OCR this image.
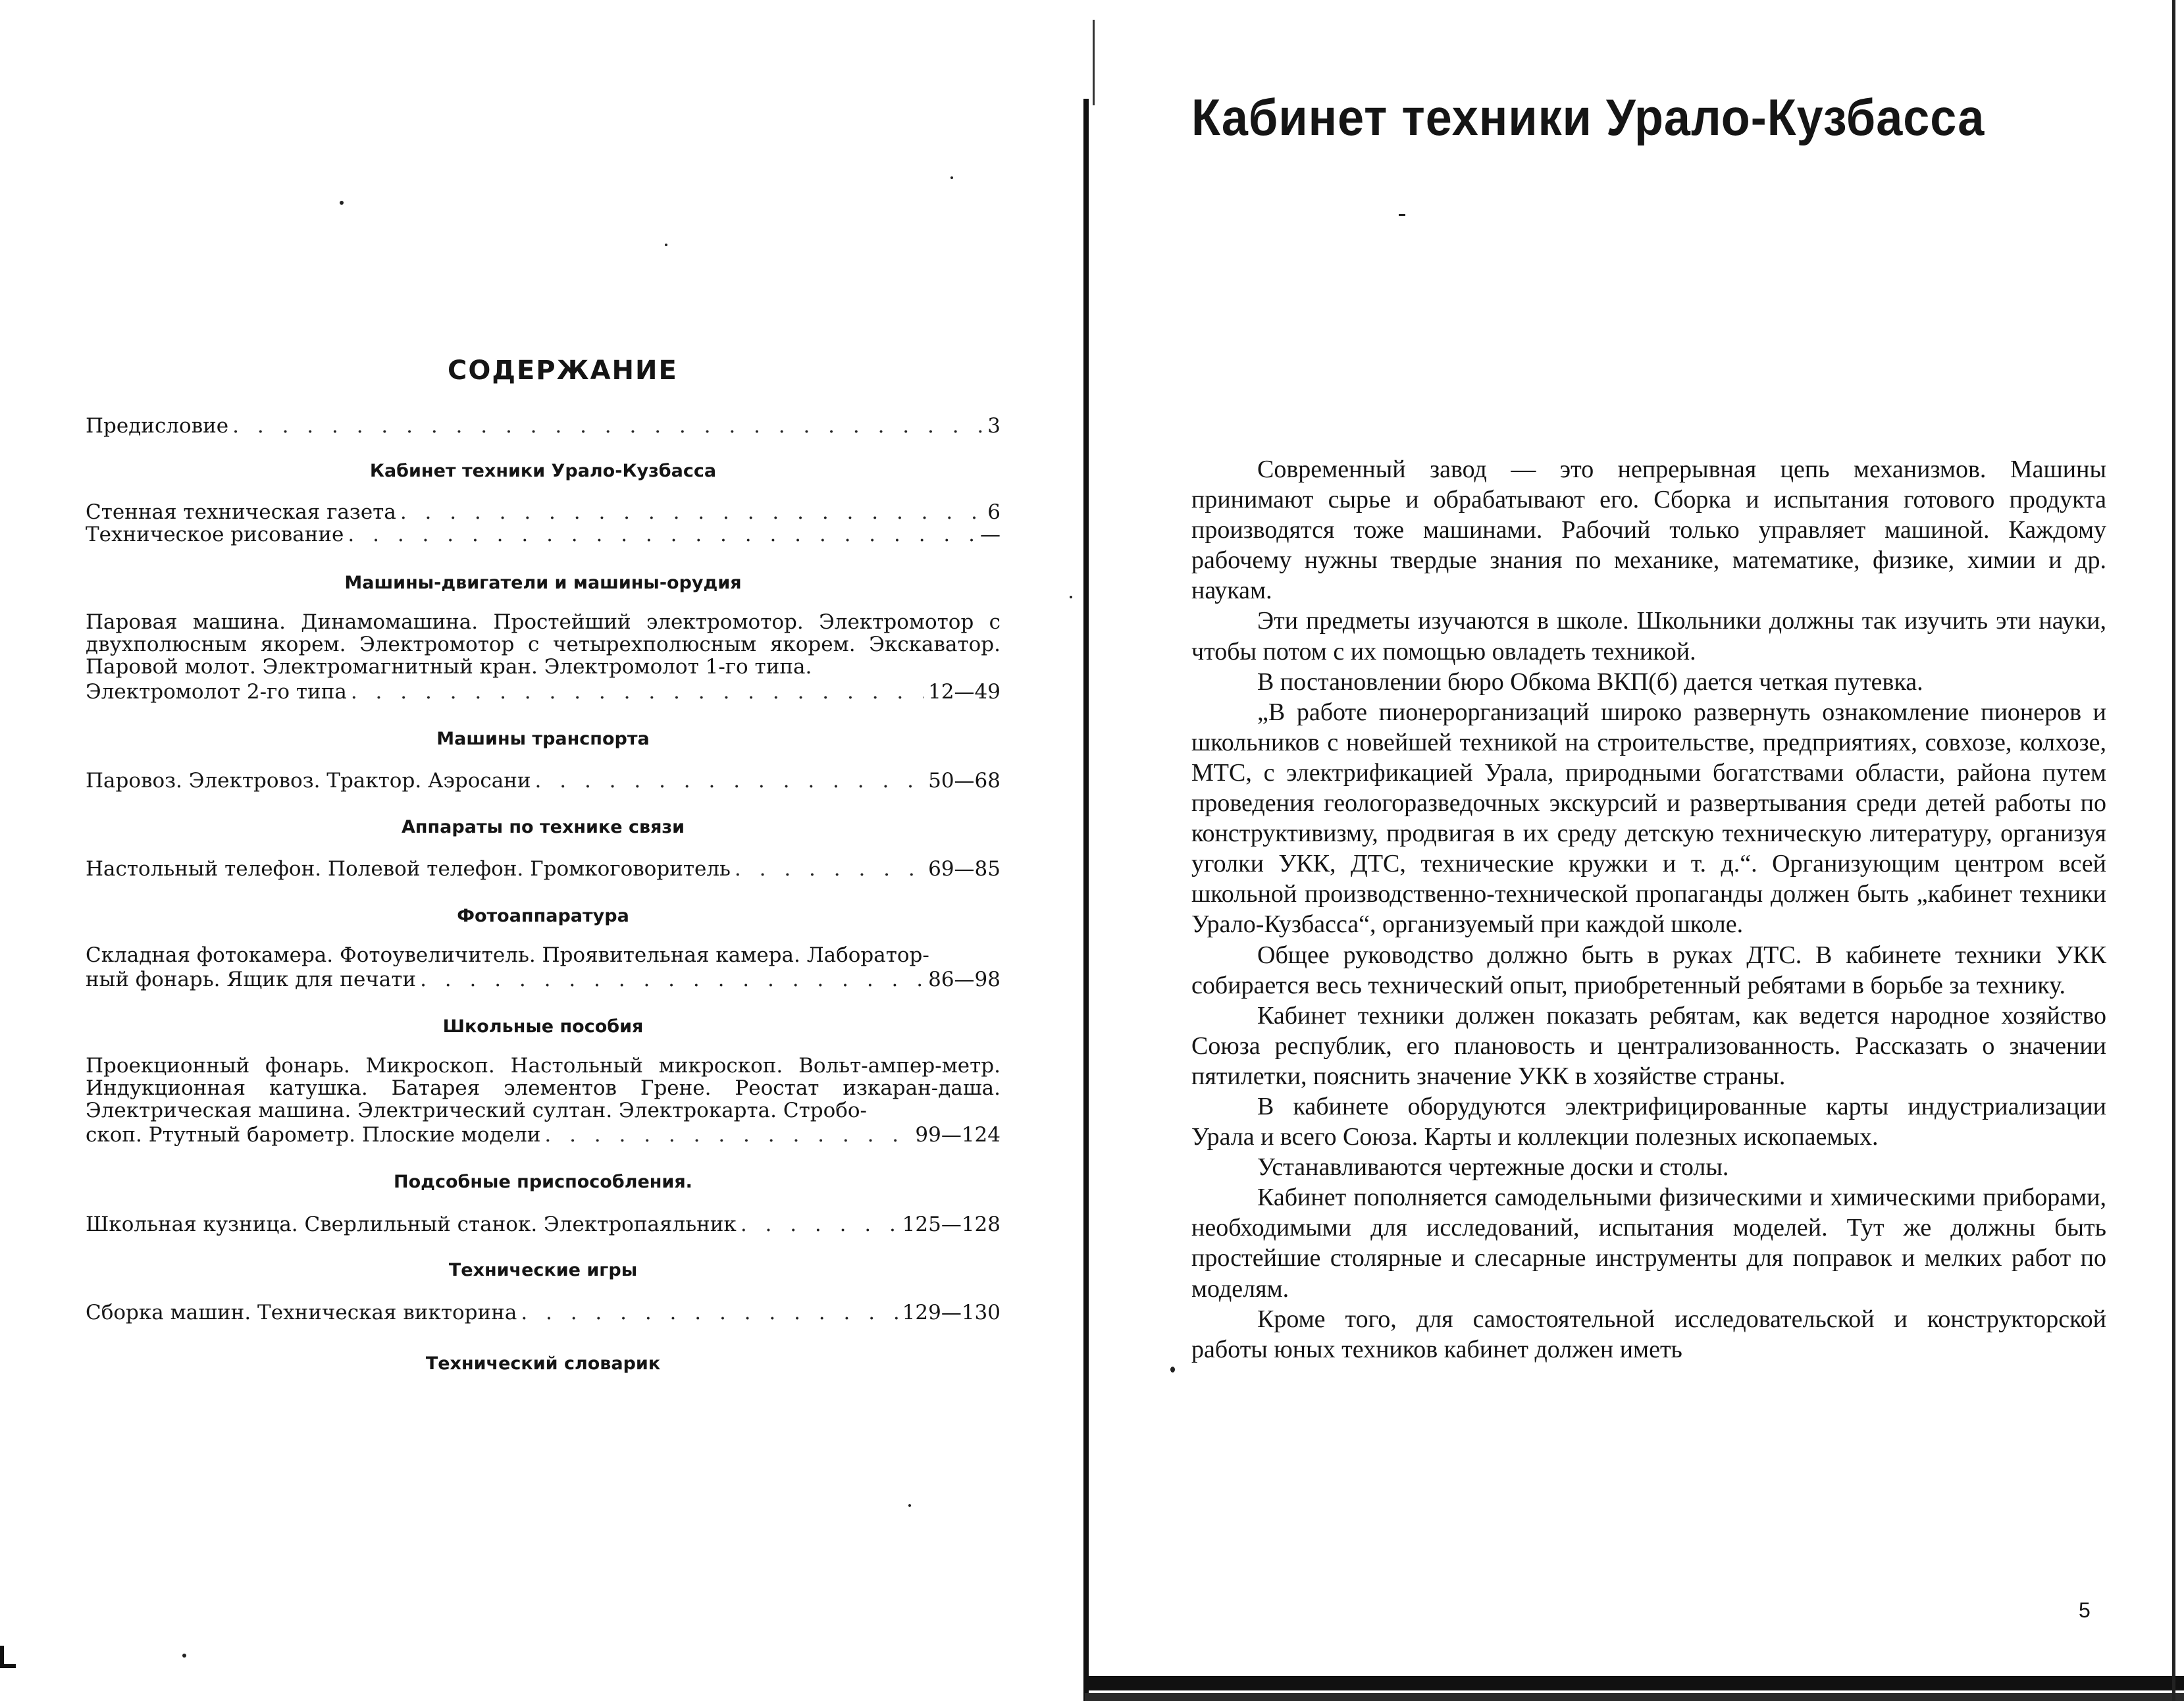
СОДЕРЖАНИЕ
Предисловие . . .	3
Кабинет техники Урало-Кузбасса
Стенная техническая газета . . .	6
Техническое рисование . . .	—
Машины-двигатели и машины-орудия
Паровая машина. Динамомашина. Простейший электромотор. Электромотор с двухполюсным якорем. Электромотор с четырехполюсным якорем. Экскаватор. Паровой молот. Электромагнитный кран. Электромолот 1-го типа.
Электромолот 2-го типа . . .	12—49
Машины транспорта
Паровоз. Электровоз. Трактор. Аэросани . . .	50—68
Аппараты по технике связи
Настольный телефон. Полевой телефон. Громкоговоритель . . .	69—85
Фотоаппаратура
Складная фотокамера. Фотоувеличитель. Проявительная камера. Лаборатор-
ный фонарь. Ящик для печати . . .	86—98
Школьные пособия
Проекционный фонарь. Микроскоп. Настольный микроскоп. Вольт-ампер-метр. Индукционная катушка. Батарея элементов Грене. Реостат изкаран-даша. Электрическая машина. Электрический султан. Электрокарта. Стробо-
скоп. Ртутный барометр. Плоские модели . . .	99—124
Подсобные приспособления.
Школьная кузница. Сверлильный станок. Электропаяльник . . .	125—128
Технические игры
Сборка машин. Техническая викторина . . .	129—130
Технический словарик
Кабинет техники Урало-Кузбасса

Современный завод — это непрерывная цепь механизмов. Машины принимают сырье и обрабатывают его. Сборка и испытания готового продукта производятся тоже машинами. Рабочий только управляет машиной. Каждому рабочему нужны твердые знания по механике, математике, физике, химии и др. наукам.

Эти предметы изучаются в школе. Школьники должны так изучить эти науки, чтобы потом с их помощью овладеть техникой.

В постановлении бюро Обкома ВКП(б) дается четкая путевка.

„В работе пионерорганизаций широко развернуть ознакомление пионеров и школьников с новейшей техникой на строительстве, предприятиях, совхозе, колхозе, МТС, с электрификацией Урала, природными богатствами области, района путем проведения геологоразведочных экскурсий и развертывания среди детей работы по конструктивизму, продвигая в их среду детскую техническую литературу, организуя уголки УКК, ДТС, технические кружки и т. д.“. Организующим центром всей школьной производственно-технической пропаганды должен быть „кабинет техники Урало-Кузбасса“, организуемый при каждой школе.

Общее руководство должно быть в руках ДТС. В кабинете техники УКК собирается весь технический опыт, приобретенный ребятами в борьбе за технику.

Кабинет техники должен показать ребятам, как ведется народное хозяйство Союза республик, его плановость и централизованность. Рассказать о значении пятилетки, пояснить значение УКК в хозяйстве страны.

В кабинете оборудуются электрифицированные карты индустриализации Урала и всего Союза. Карты и коллекции полезных ископаемых.

Устанавливаются чертежные доски и столы.

Кабинет пополняется самодельными физическими и химическими приборами, необходимыми для исследований, испытания моделей. Тут же должны быть простейшие столярные и слесарные инструменты для поправок и мелких работ по моделям.

Кроме того, для самостоятельной исследовательской и конструкторской работы юных техников кабинет должен иметь

5
